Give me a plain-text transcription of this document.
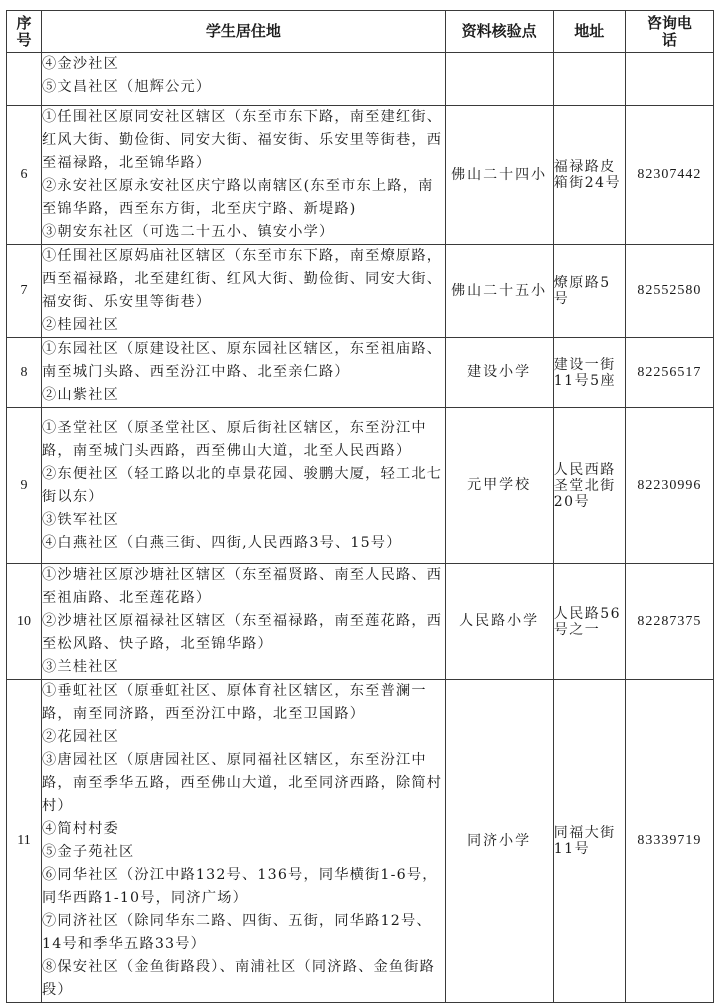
序号	学生居住地	资料核验点	地址	咨询电话

	④金沙社区
⑤文昌社区（旭辉公元）			

6	①任围社区原同安社区辖区（东至市东下路，南至建红街、红风大街、勤俭街、同安大街、福安街、乐安里等街巷，西至福禄路，北至锦华路）
②永安社区原永安社区庆宁路以南辖区(东至市东上路，南至锦华路，西至东方街，北至庆宁路、新堤路)
③朝安东社区（可选二十五小、镇安小学）	佛山二十四小	福禄路皮箱街24号	82307442
7	①任围社区原妈庙社区辖区（东至市东下路，南至燎原路，西至福禄路，北至建红街、红风大街、勤俭街、同安大街、福安街、乐安里等街巷）
②桂园社区	佛山二十五小	燎原路5号	82552580
8	①东园社区（原建设社区、原东园社区辖区，东至祖庙路、南至城门头路、西至汾江中路、北至亲仁路）
②山紫社区	建设小学	建设一街11号5座	82256517
9	①圣堂社区（原圣堂社区、原后街社区辖区，东至汾江中路，南至城门头西路，西至佛山大道，北至人民西路）
②东便社区（轻工路以北的卓景花园、骏鹏大厦，轻工北七街以东）
③铁军社区
④白燕社区（白燕三街、四街,人民西路3号、15号）	元甲学校	人民西路圣堂北街20号	82230996
10	①沙塘社区原沙塘社区辖区（东至福贤路、南至人民路、西至祖庙路、北至莲花路）
②沙塘社区原福禄社区辖区（东至福禄路，南至莲花路，西至松风路、快子路，北至锦华路）
③兰桂社区	人民路小学	人民路56号之一	82287375
11	
①垂虹社区（原垂虹社区、原体育社区辖区，东至普澜一路，南至同济路，西至汾江中路，北至卫国路）
②花园社区
③唐园社区（原唐园社区、原同福社区辖区，东至汾江中路，南至季华五路，西至佛山大道，北至同济西路，除简村村）
④简村村委
⑤金子苑社区
⑥同华社区（汾江中路132号、136号，同华横街1-6号，同华西路1-10号，同济广场）
⑦同济社区（除同华东二路、四街、五街，同华路12号、14号和季华五路33号）
⑧保安社区（金鱼街路段）、南浦社区（同济路、金鱼街路段）
	同济小学	同福大街11号	83339719
